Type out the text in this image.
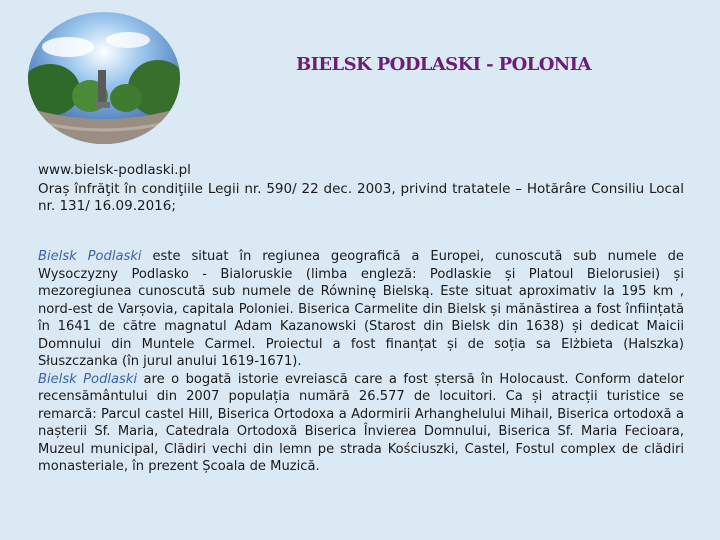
BIELSK PODLASKI - POLONIA
www.bielsk-podlaski.pl

Oraș înfrăţit în condiţiile Legii nr. 590/ 22 dec. 2003, privind tratatele – Hotărâre Consiliu Local nr. 131/ 16.09.2016;

Bielsk Podlaski este situat în regiunea geografică a Europei, cunoscută sub numele de Wysoczyzny Podlasko - Bialoruskie (limba engleză: Podlaskie și Platoul Bielorusiei) și mezoregiunea cunoscută sub numele de Równinę Bielską. Este situat aproximativ la 195 km , nord-est de Varșovia, capitala Poloniei. Biserica Carmelite din Bielsk și mănăstirea a fost înființată în 1641 de către magnatul Adam Kazanowski (Starost din Bielsk din 1638) și dedicat Maicii Domnului din Muntele Carmel. Proiectul a fost finanțat și de soția sa Elżbieta (Halszka) Słuszczanka (în jurul anului 1619-1671).

Bielsk Podlaski are o bogată istorie evreiască care a fost ștersă în Holocaust. Conform datelor recensământului din 2007 populația numără 26.577 de locuitori. Ca și atracții turistice se remarcă: Parcul castel Hill, Biserica Ortodoxa a Adormirii Arhanghelului Mihail, Biserica ortodoxă a nașterii Sf. Maria, Catedrala Ortodoxă Biserica Învierea Domnului, Biserica Sf. Maria Fecioara, Muzeul municipal, Clădiri vechi din lemn pe strada Kościuszki, Castel, Fostul complex de clădiri monasteriale, în prezent Școala de Muzică.
